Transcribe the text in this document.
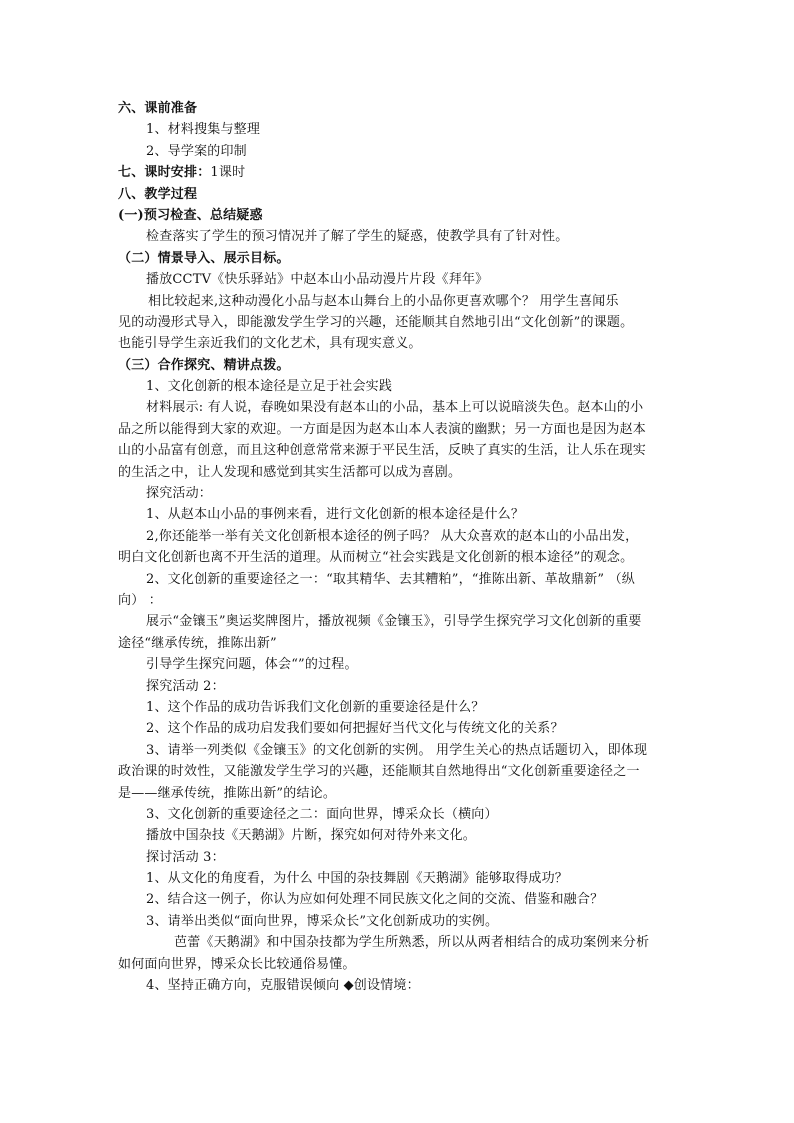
六、课前准备
1、材料搜集与整理
2、导学案的印制
七、课时安排：1课时
八、教学过程
(一)预习检查、总结疑惑
检查落实了学生的预习情况并了解了学生的疑惑，使教学具有了针对性。
（二）情景导入、展示目标。
播放CCTV《快乐驿站》中赵本山小品动漫片片段《拜年》
相比较起来,这种动漫化小品与赵本山舞台上的小品你更喜欢哪个？ 用学生喜闻乐
见的动漫形式导入，即能激发学生学习的兴趣，还能顺其自然地引出“文化创新”的课题。
也能引导学生亲近我们的文化艺术，具有现实意义。
（三）合作探究、精讲点拨。
1、文化创新的根本途径是立足于社会实践
材料展示: 有人说，春晚如果没有赵本山的小品，基本上可以说暗淡失色。赵本山的小
品之所以能得到大家的欢迎。一方面是因为赵本山本人表演的幽默；另一方面也是因为赵本
山的小品富有创意，而且这种创意常常来源于平民生活，反映了真实的生活，让人乐在现实
的生活之中，让人发现和感觉到其实生活都可以成为喜剧。
探究活动：
1、从赵本山小品的事例来看，进行文化创新的根本途径是什么？
2,你还能举一举有关文化创新根本途径的例子吗？ 从大众喜欢的赵本山的小品出发，
明白文化创新也离不开生活的道理。从而树立“社会实践是文化创新的根本途径”的观念。
2、文化创新的重要途径之一：“取其精华、去其糟粕”，“推陈出新、革故鼎新” （纵
向） ：
展示“金镶玉”奥运奖牌图片，播放视频《金镶玉》，引导学生探究学习文化创新的重要
途径“继承传统，推陈出新”
引导学生探究问题，体会“”的过程。
探究活动 2：
1、这个作品的成功告诉我们文化创新的重要途径是什么？
2、这个作品的成功启发我们要如何把握好当代文化与传统文化的关系？
3、请举一列类似《金镶玉》的文化创新的实例。 用学生关心的热点话题切入，即体现
政治课的时效性，又能激发学生学习的兴趣，还能顺其自然地得出“文化创新重要途径之一
是——继承传统，推陈出新”的结论。
3、文化创新的重要途径之二：面向世界，博采众长（横向）
播放中国杂技《天鹅湖》片断，探究如何对待外来文化。
探讨活动 3：
1、从文化的角度看，为什么 中国的杂技舞剧《天鹅湖》能够取得成功？
2、结合这一例子，你认为应如何处理不同民族文化之间的交流、借鉴和融合？
3、请举出类似“面向世界，博采众长”文化创新成功的实例。
芭蕾《天鹅湖》和中国杂技都为学生所熟悉，所以从两者相结合的成功案例来分析
如何面向世界，博采众长比较通俗易懂。
4、坚持正确方向，克服错误倾向 ◆创设情境：
